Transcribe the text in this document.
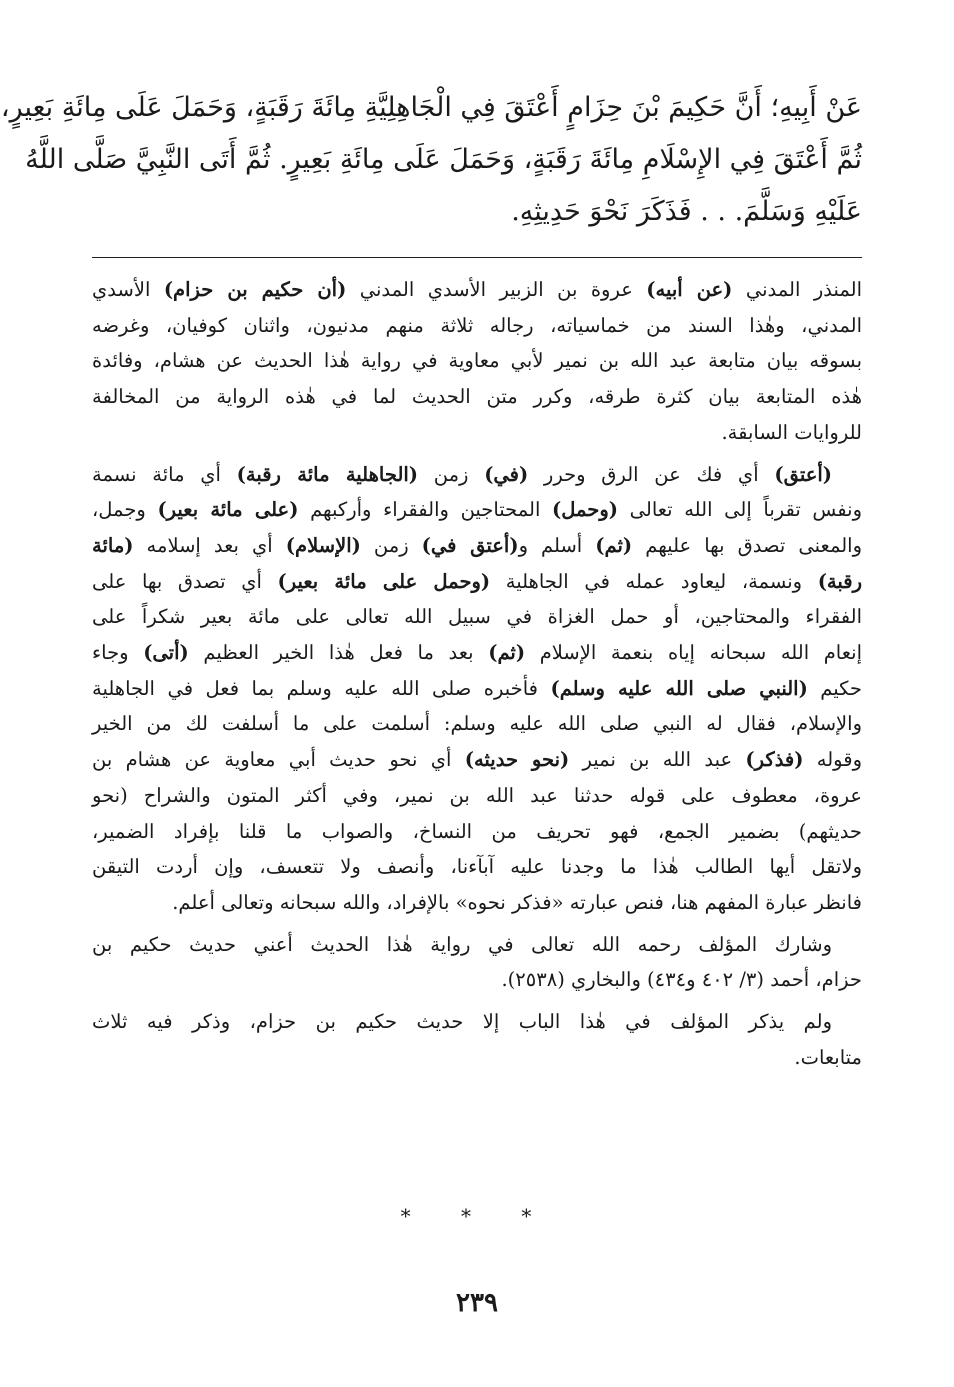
عَنْ أَبِيهِ؛ أَنَّ حَكِيمَ بْنَ حِزَامٍ أَعْتَقَ فِي الْجَاهِلِيَّةِ مِائَةَ رَقَبَةٍ، وَحَمَلَ عَلَى مِائَةِ بَعِيرٍ،
ثُمَّ أَعْتَقَ فِي الإِسْلَامِ مِائَةَ رَقَبَةٍ، وَحَمَلَ عَلَى مِائَةِ بَعِيرٍ. ثُمَّ أَتَى النَّبِيَّ صَلَّى اللَّهُ
عَلَيْهِ وَسَلَّمَ. . . فَذَكَرَ نَحْوَ حَدِيثِهِ.

المنذر المدني (عن أبيه) عروة بن الزبير الأسدي المدني (أن حكيم بن حزام) الأسدي
المدني، وهٰذا السند من خماسياته، رجاله ثلاثة منهم مدنيون، واثنان كوفيان، وغرضه
بسوقه بيان متابعة عبد الله بن نمير لأبي معاوية في رواية هٰذا الحديث عن هشام، وفائدة
هٰذه المتابعة بيان كثرة طرقه، وكرر متن الحديث لما في هٰذه الرواية من المخالفة
للروايات السابقة.

(أعتق) أي فك عن الرق وحرر (في) زمن (الجاهلية مائة رقبة) أي مائة نسمة
ونفس تقرباً إلى الله تعالى (وحمل) المحتاجين والفقراء وأركبهم (على مائة بعير) وجمل،
والمعنى تصدق بها عليهم (ثم) أسلم و(أعتق في) زمن (الإسلام) أي بعد إسلامه (مائة
رقبة) ونسمة، ليعاود عمله في الجاهلية (وحمل على مائة بعير) أي تصدق بها على
الفقراء والمحتاجين، أو حمل الغزاة في سبيل الله تعالى على مائة بعير شكراً على
إنعام الله سبحانه إياه بنعمة الإسلام (ثم) بعد ما فعل هٰذا الخير العظيم (أتى) وجاء
حكيم (النبي صلى الله عليه وسلم) فأخبره صلى الله عليه وسلم بما فعل في الجاهلية
والإسلام، فقال له النبي صلى الله عليه وسلم: أسلمت على ما أسلفت لك من الخير
وقوله (فذكر) عبد الله بن نمير (نحو حديثه) أي نحو حديث أبي معاوية عن هشام بن
عروة، معطوف على قوله حدثنا عبد الله بن نمير، وفي أكثر المتون والشراح (نحو
حديثهم) بضمير الجمع، فهو تحريف من النساخ، والصواب ما قلنا بإفراد الضمير،
ولاتقل أيها الطالب هٰذا ما وجدنا عليه آبآءنا، وأنصف ولا تتعسف، وإن أردت التيقن
فانظر عبارة المفهم هنا، فنص عبارته «فذكر نحوه» بالإفراد، والله سبحانه وتعالى أعلم.

وشارك المؤلف رحمه الله تعالى في رواية هٰذا الحديث أعني حديث حكيم بن
حزام، أحمد (٣/ ٤٠٢ و٤٣٤) والبخاري (٢٥٣٨).

ولم يذكر المؤلف في هٰذا الباب إلا حديث حكيم بن حزام، وذكر فيه ثلاث
متابعات.

* * *
٢٣٩
